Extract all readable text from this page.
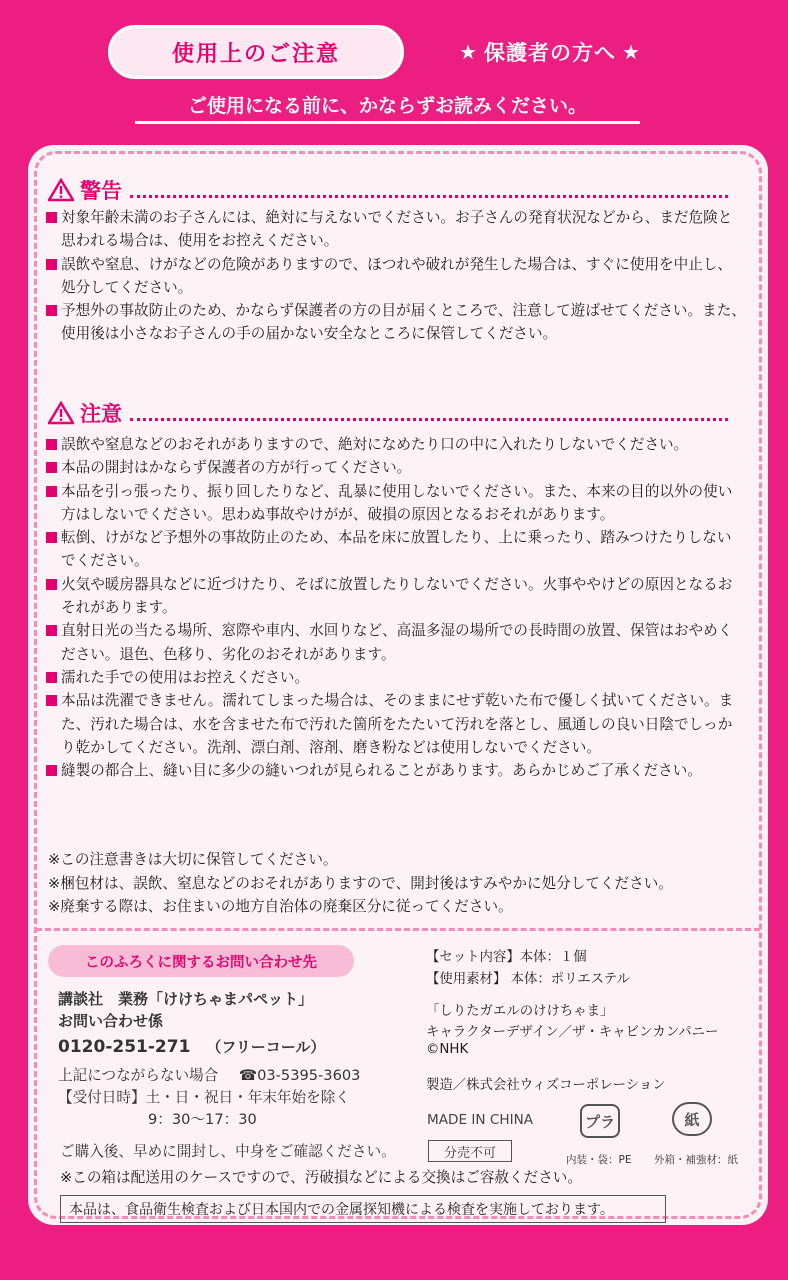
使用上のご注意	★ 保護者の方へ ★
ご使用になる前に、かならずお読みください。
警告
対象年齢未満のお子さんには、絶対に与えないでください。お子さんの発育状況などから、まだ危険と思われる場合は、使用をお控えください。
誤飲や窒息、けがなどの危険がありますので、ほつれや破れが発生した場合は、すぐに使用を中止し、処分してください。
予想外の事故防止のため、かならず保護者の方の目が届くところで、注意して遊ばせてください。また、使用後は小さなお子さんの手の届かない安全なところに保管してください。
注意
誤飲や窒息などのおそれがありますので、絶対になめたり口の中に入れたりしないでください。
本品の開封はかならず保護者の方が行ってください。
本品を引っ張ったり、振り回したりなど、乱暴に使用しないでください。また、本来の目的以外の使い方はしないでください。思わぬ事故やけがが、破損の原因となるおそれがあります。
転倒、けがなど予想外の事故防止のため、本品を床に放置したり、上に乗ったり、踏みつけたりしないでください。
火気や暖房器具などに近づけたり、そばに放置したりしないでください。火事ややけどの原因となるおそれがあります。
直射日光の当たる場所、窓際や車内、水回りなど、高温多湿の場所での長時間の放置、保管はおやめください。退色、色移り、劣化のおそれがあります。
濡れた手での使用はお控えください。
本品は洗濯できません。濡れてしまった場合は、そのままにせず乾いた布で優しく拭いてください。また、汚れた場合は、水を含ませた布で汚れた箇所をたたいて汚れを落とし、風通しの良い日陰でしっかり乾かしてください。洗剤、漂白剤、溶剤、磨き粉などは使用しないでください。
縫製の都合上、縫い目に多少の縫いつれが見られることがあります。あらかじめご了承ください。
※この注意書きは大切に保管してください。
※梱包材は、誤飲、窒息などのおそれがありますので、開封後はすみやかに処分してください。
※廃棄する際は、お住まいの地方自治体の廃棄区分に従ってください。
このふろくに関するお問い合わせ先
講談社　業務「けけちゃまパペット」
お問い合わせ係
0120-251-271 （フリーコール）
上記につながらない場合 ☎03-5395-3603
【受付日時】土・日・祝日・年末年始を除く
9：30〜17：30
ご購入後、早めに開封し、中身をご確認ください。
【セット内容】本体：１個
【使用素材】 本体：ポリエステル
「しりたガエルのけけちゃま」
キャラクターデザイン／ザ・キャビンカンパニー
©NHK
製造／株式会社ウィズコーポレーション
MADE IN CHINA
分売不可
プラ
内装・袋：PE
紙
外箱・補強材：紙
※この箱は配送用のケースですので、汚破損などによる交換はご容赦ください。
本品は、食品衛生検査および日本国内での金属探知機による検査を実施しております。
